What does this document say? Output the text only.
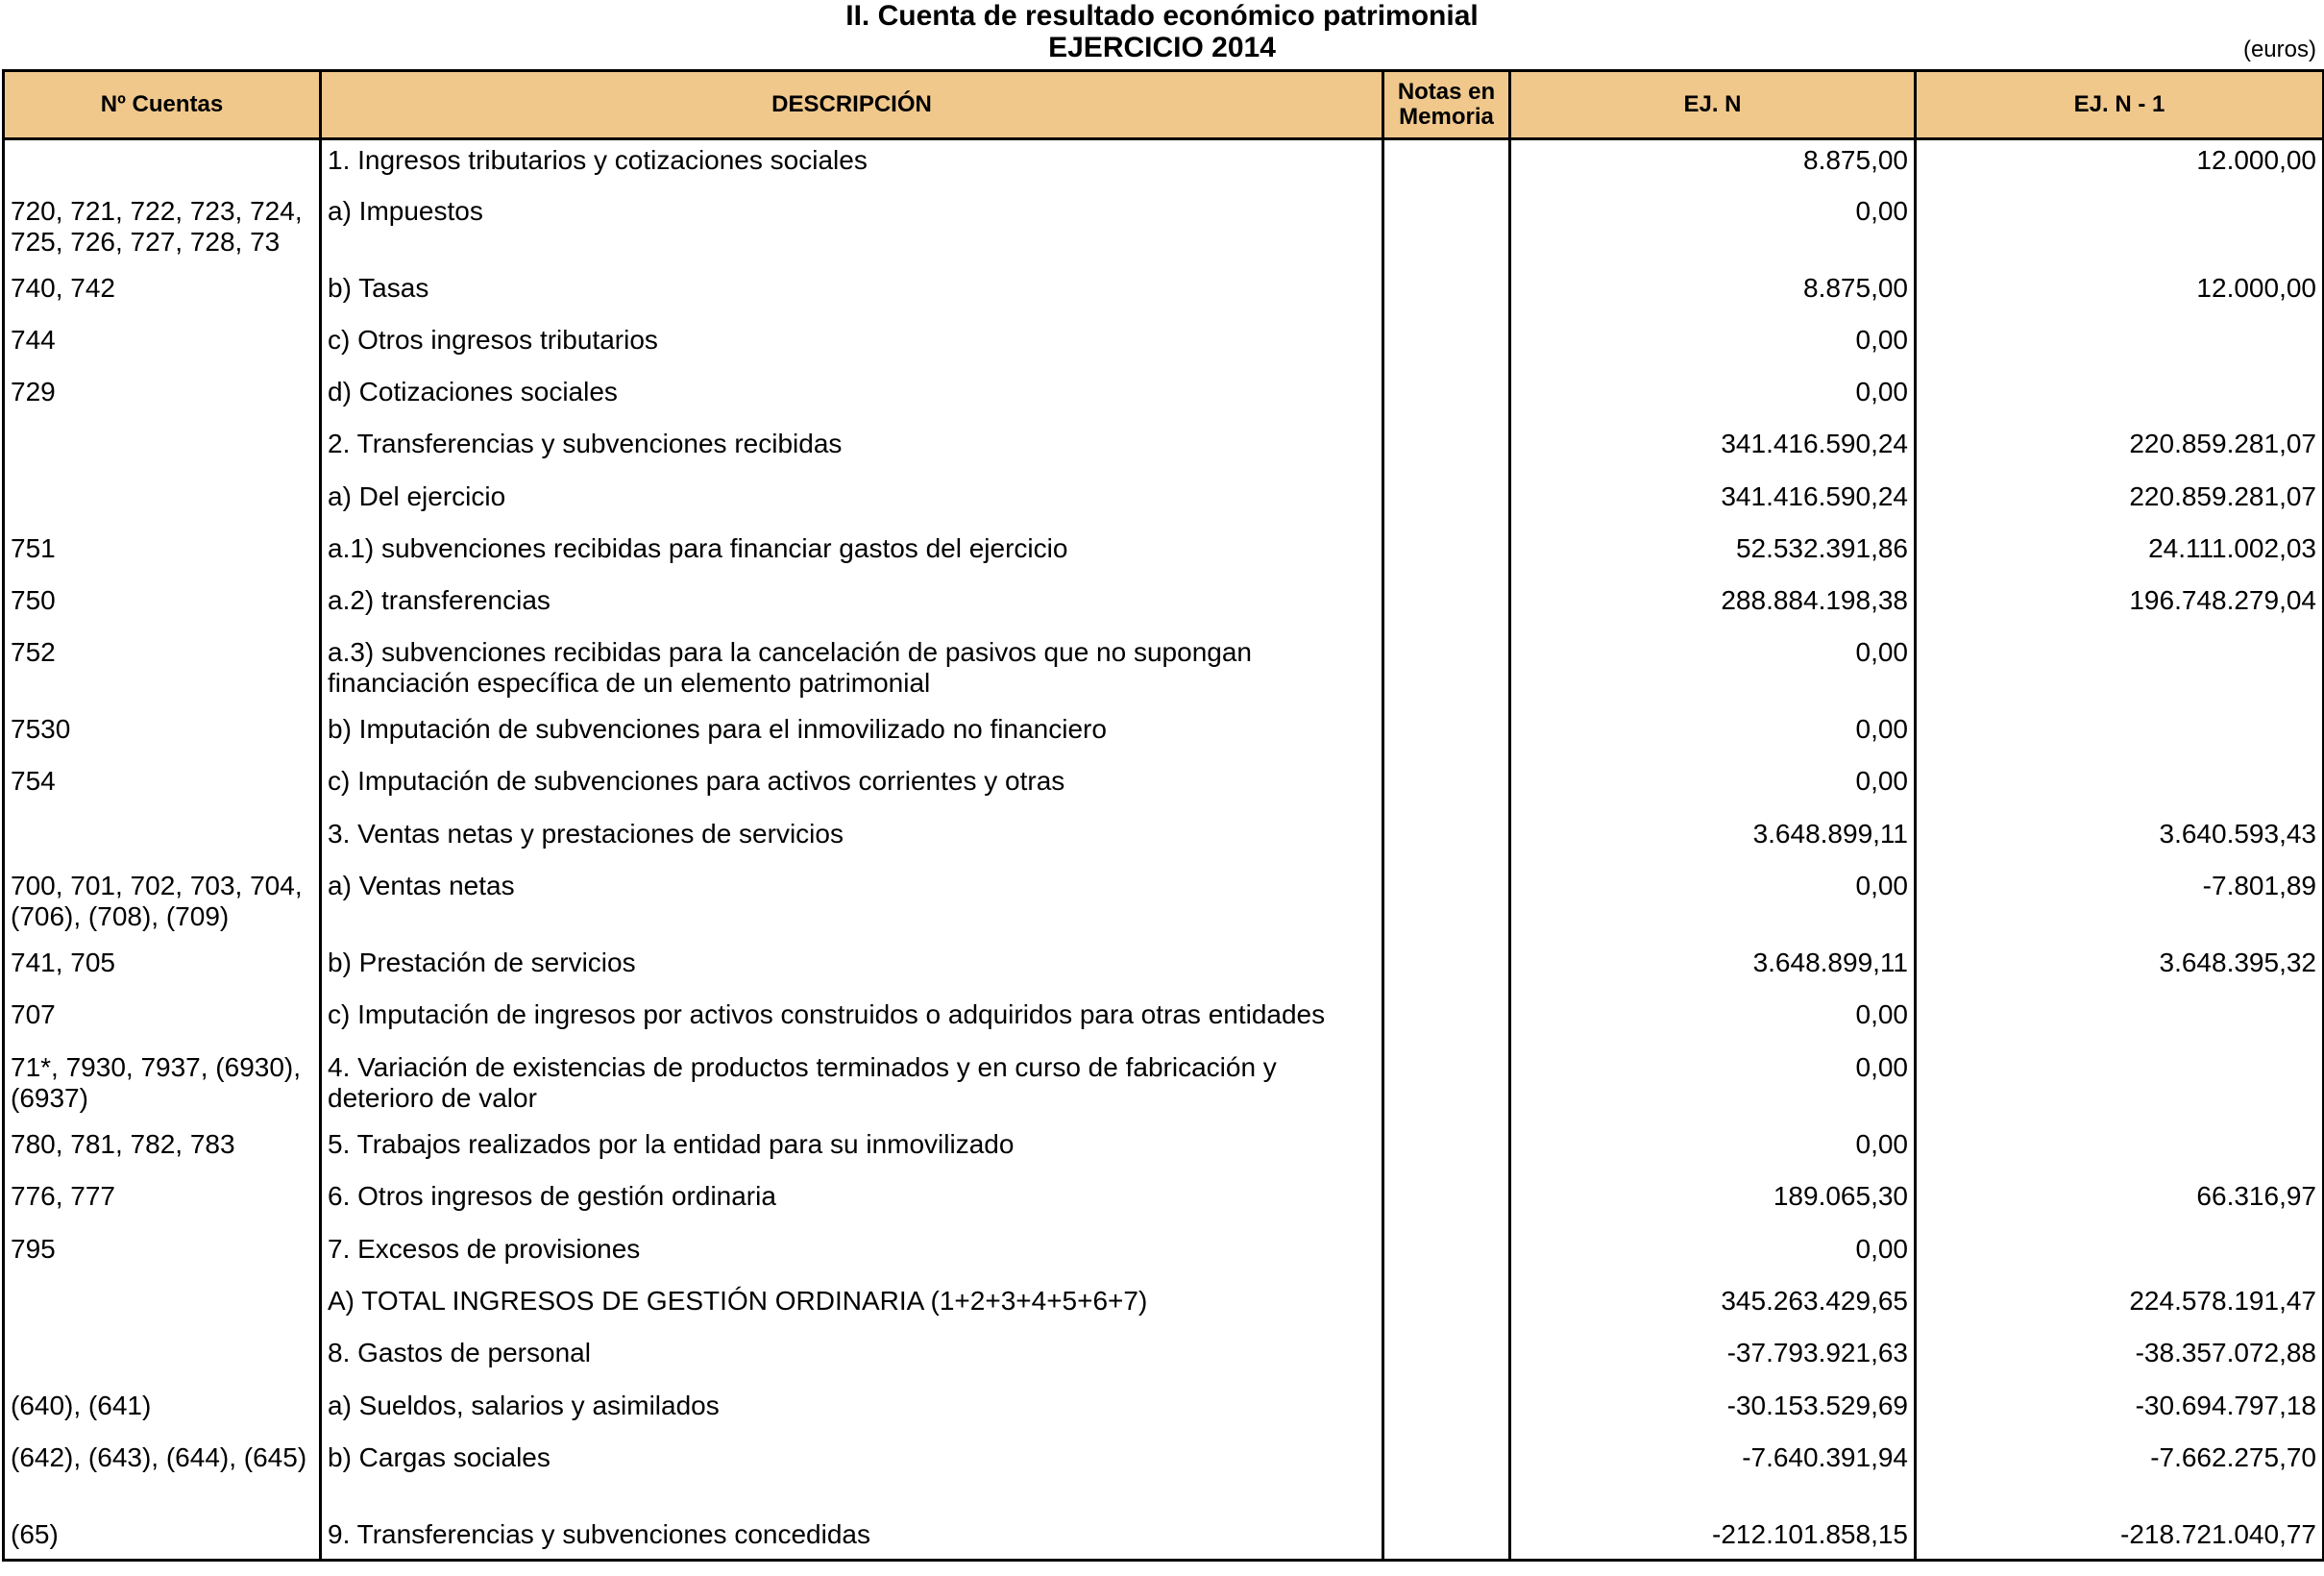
II. Cuenta de resultado económico patrimonial
EJERCICIO 2014	(euros)
Nº Cuentas	DESCRIPCIÓN	Notas en Memoria	EJ. N	EJ. N - 1
	1. Ingresos tributarios y cotizaciones sociales		8.875,00	12.000,00
720, 721, 722, 723, 724, 725, 726, 727, 728, 73	a) Impuestos		0,00	
740, 742	b) Tasas		8.875,00	12.000,00
744	c) Otros ingresos tributarios		0,00	
729	d) Cotizaciones sociales		0,00	
	2. Transferencias y subvenciones recibidas		341.416.590,24	220.859.281,07
	a) Del ejercicio		341.416.590,24	220.859.281,07
751	a.1) subvenciones recibidas para financiar gastos del ejercicio		52.532.391,86	24.111.002,03
750	a.2) transferencias		288.884.198,38	196.748.279,04
752	a.3) subvenciones recibidas para la cancelación de pasivos que no supongan financiación específica de un elemento patrimonial		0,00	
7530	b) Imputación de subvenciones para el inmovilizado no financiero		0,00	
754	c) Imputación de subvenciones para activos corrientes y otras		0,00	
	3. Ventas netas y prestaciones de servicios		3.648.899,11	3.640.593,43
700, 701, 702, 703, 704, (706), (708), (709)	a) Ventas netas		0,00	-7.801,89
741, 705	b) Prestación de servicios		3.648.899,11	3.648.395,32
707	c) Imputación de ingresos por activos construidos o adquiridos para otras entidades		0,00	
71*, 7930, 7937, (6930), (6937)	4. Variación de existencias de productos terminados y en curso de fabricación y deterioro de valor		0,00	
780, 781, 782, 783	5. Trabajos realizados por la entidad para su inmovilizado		0,00	
776, 777	6. Otros ingresos de gestión ordinaria		189.065,30	66.316,97
795	7. Excesos de provisiones		0,00	
	A) TOTAL INGRESOS DE GESTIÓN ORDINARIA (1+2+3+4+5+6+7)		345.263.429,65	224.578.191,47
	8. Gastos de personal		-37.793.921,63	-38.357.072,88
(640), (641)	a) Sueldos, salarios y asimilados		-30.153.529,69	-30.694.797,18
(642), (643), (644), (645)	b) Cargas sociales		-7.640.391,94	-7.662.275,70
(65)	9. Transferencias y subvenciones concedidas		-212.101.858,15	-218.721.040,77
